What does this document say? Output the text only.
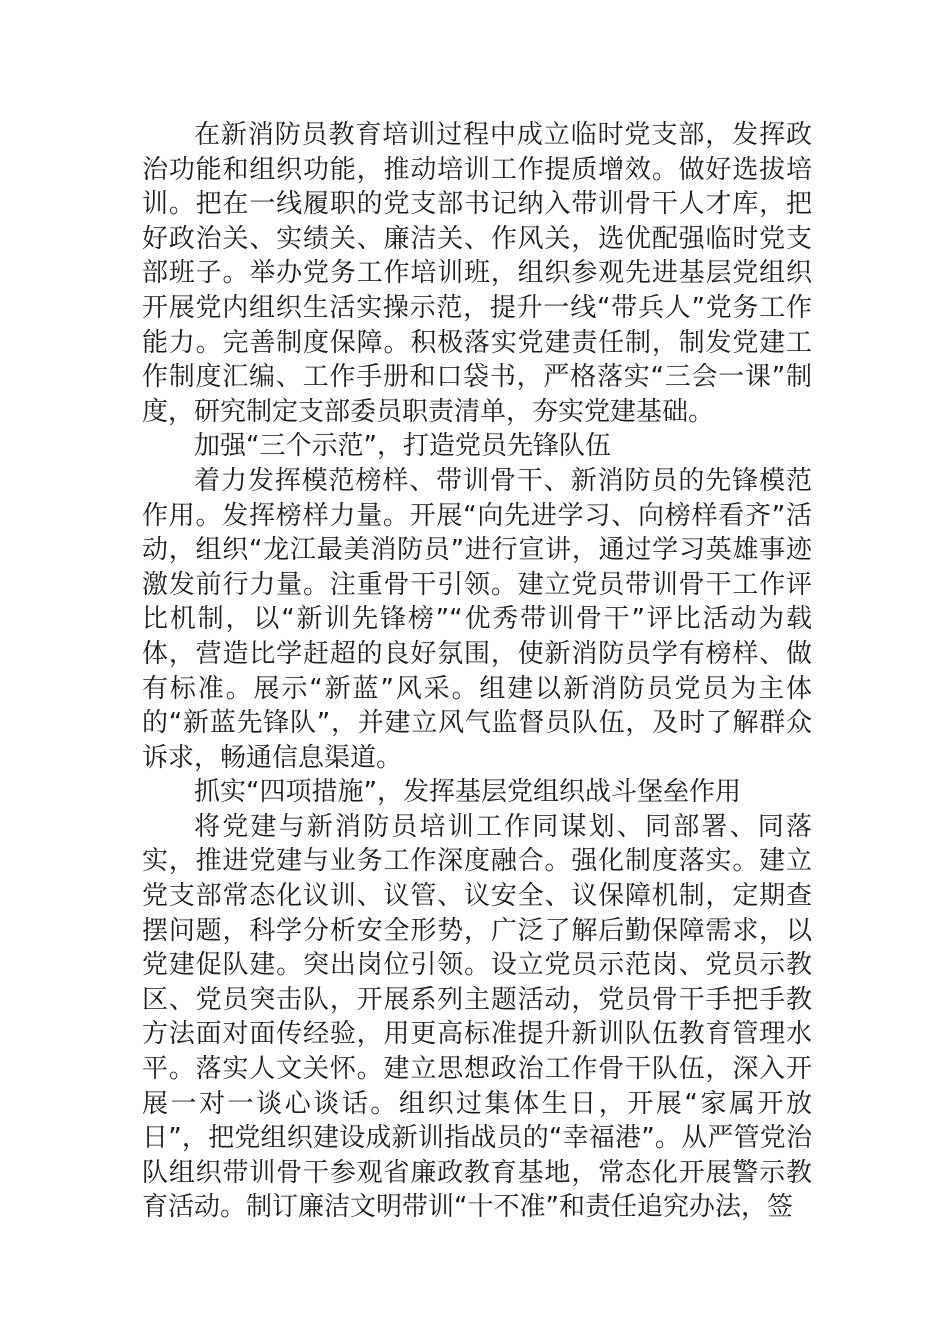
在新消防员教育培训过程中成立临时党支部，发挥政治功能和组织功能，推动培训工作提质增效。做好选拔培训。把在一线履职的党支部书记纳入带训骨干人才库，把好政治关、实绩关、廉洁关、作风关，选优配强临时党支部班子。举办党务工作培训班，组织参观先进基层党组织开展党内组织生活实操示范，提升一线“带兵人”党务工作能力。完善制度保障。积极落实党建责任制，制发党建工作制度汇编、工作手册和口袋书，严格落实“三会一课”制度，研究制定支部委员职责清单，夯实党建基础。

加强“三个示范”，打造党员先锋队伍

着力发挥模范榜样、带训骨干、新消防员的先锋模范作用。发挥榜样力量。开展“向先进学习、向榜样看齐”活动，组织“龙江最美消防员”进行宣讲，通过学习英雄事迹激发前行力量。注重骨干引领。建立党员带训骨干工作评比机制，以“新训先锋榜”“优秀带训骨干”评比活动为载体，营造比学赶超的良好氛围，使新消防员学有榜样、做有标准。展示“新蓝”风采。组建以新消防员党员为主体的“新蓝先锋队”，并建立风气监督员队伍，及时了解群众诉求，畅通信息渠道。

抓实“四项措施”，发挥基层党组织战斗堡垒作用

将党建与新消防员培训工作同谋划、同部署、同落实，推进党建与业务工作深度融合。强化制度落实。建立党支部常态化议训、议管、议安全、议保障机制，定期查摆问题，科学分析安全形势，广泛了解后勤保障需求，以党建促队建。突出岗位引领。设立党员示范岗、党员示教区、党员突击队，开展系列主题活动，党员骨干手把手教方法面对面传经验，用更高标准提升新训队伍教育管理水平。落实人文关怀。建立思想政治工作骨干队伍，深入开展一对一谈心谈话。组织过集体生日，开展“家属开放日”，把党组织建设成新训指战员的“幸福港”。从严管党治队组织带训骨干参观省廉政教育基地，常态化开展警示教育活动。制订廉洁文明带训“十不准”和责任追究办法，签
